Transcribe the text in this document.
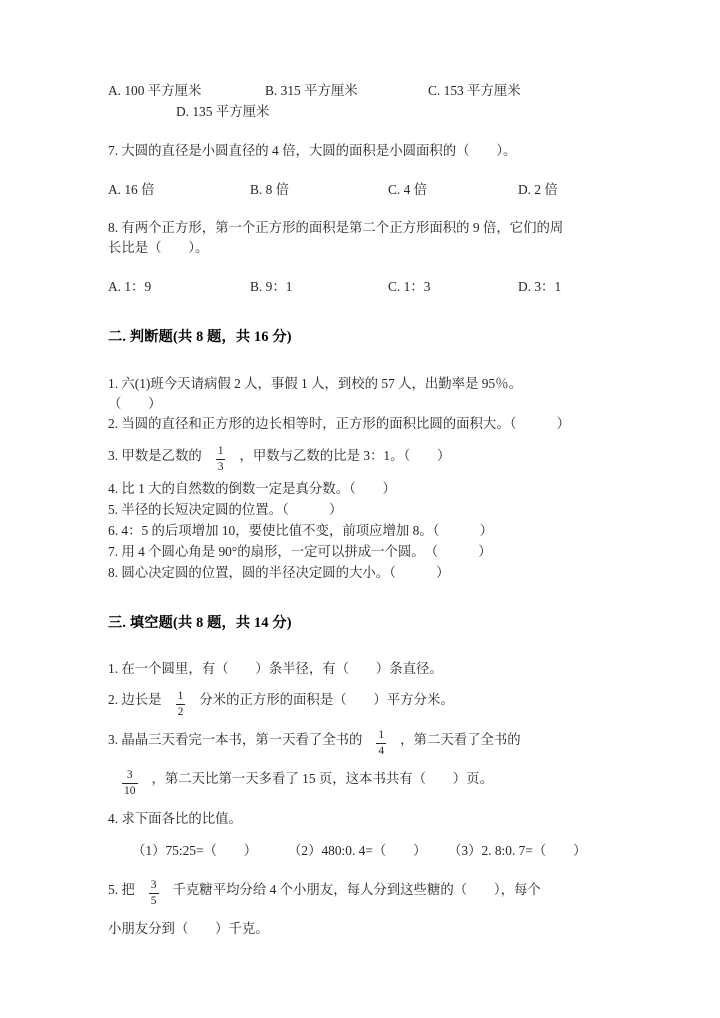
A. 100 平方厘米	B. 315 平方厘米	C. 153 平方厘米
D. 135 平方厘米
7. 大圆的直径是小圆直径的 4 倍，大圆的面积是小圆面积的（　　）。
A. 16 倍	B. 8 倍	C. 4 倍	D. 2 倍
8. 有两个正方形，第一个正方形的面积是第二个正方形面积的 9 倍，它们的周
长比是（　　）。
A. 1：9	B. 9：1	C. 1：3	D. 3：1
二. 判断题(共 8 题，共 16 分)
1. 六(1)班今天请病假 2 人，事假 1 人，到校的 57 人，出勤率是 95％。
（　　）
2. 当圆的直径和正方形的边长相等时，正方形的面积比圆的面积大。（　　　）
3. 甲数是乙数的 $\frac{1}{3}$ ，甲数与乙数的比是 3：1。（　　）
4. 比 1 大的自然数的倒数一定是真分数。（　　）
5. 半径的长短决定圆的位置。（　　　）
6. 4：5 的后项增加 10，要使比值不变，前项应增加 8。（　　　）
7. 用 4 个圆心角是 90°的扇形，一定可以拼成一个圆。　（　　　）
8. 圆心决定圆的位置，圆的半径决定圆的大小。（　　　）
三. 填空题(共 8 题，共 14 分)
1. 在一个圆里，有（　　）条半径，有（　　）条直径。
2. 边长是 $\frac{1}{2}$ 分米的正方形的面积是（　　）平方分米。
3. 晶晶三天看完一本书，第一天看了全书的 $\frac{1}{4}$ ，第二天看了全书的
$\frac{3}{10}$ ，第二天比第一天多看了 15 页，这本书共有（　　）页。
4. 求下面各比的比值。
（1）75:25=（　　） （2）480:0. 4=（　　） （3）2. 8:0. 7=（　　）
5. 把 $\frac{3}{5}$ 千克糖平均分给 4 个小朋友，每人分到这些糖的（　　），每个
小朋友分到（　　）千克。
